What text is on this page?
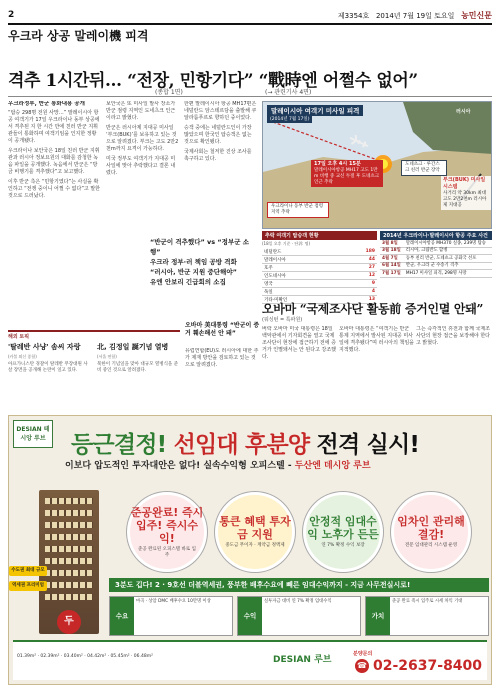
2	제3354호 2014년 7월 19일 토요일 농민신문
우크라 상공 말레이機 피격
격추 1시간뒤… “전장, 민항기다” “戰時엔 어쩔수 없어”
(종합 1면)	(→ 관련기사 4면)
우크라정부, 반군 통화내용 공개

“탑승 298명 전원 사망…” 말레이시아 항공 여객기가 17일 우크라이나 동부 상공에서 격추된 지 한 시간 만에 친러 반군 지휘관들이 통화하며 여객기임을 인지한 정황이 공개됐다.

우크라이나 보안국은 18일 친러 반군 지휘관과 러시아 정보요원의 대화를 감청한 녹음 파일을 공개했다. 녹음에서 반군은 “방금 비행기를 격추했다”고 보고했다.

이후 반군 측은 “민항기였다”는 사실을 확인하고 “전쟁 중이니 어쩔 수 없다”고 말한 것으로 드러났다.

보안국은 또 미사일 발사 장소가 반군 점령 지역인 도네츠크 인근이라고 밝혔다.

반군은 러시아제 지대공 미사일 ‘부크(BUK)’를 보유하고 있는 것으로 알려졌다. 부크는 고도 2만2천m까지 요격이 가능하다.

미국 정부도 여객기가 지대공 미사일에 맞아 추락했다고 결론 내렸다.

한편 말레이시아 항공 MH17편은 네덜란드 암스테르담을 출발해 쿠알라룸푸르로 향하던 중이었다.

승객 중에는 네덜란드인이 가장 많았으며 한국인 탑승객은 없는 것으로 확인됐다.

국제사회는 철저한 진상 조사를 촉구하고 있다.

“반군이 격추했다” vs “정부군 소행”
우크라 정부·러 책임 공방 격화
“러시아, 반군 지원 중단해야”
유엔 안보리 긴급회의 소집
말레이시아 여객기 미사일 피격
(2014년 7월 17일)
러시아
17일 오후 4시 15분
말레이시아항공 MH17 고도 1만m 비행 중 교신 두절 후 도네츠크 인근 추락
우크라이나 동부 반군 점령 지역 추락
도네츠크 · 루간스크 친러 반군 장악
부크(BUK) 미사일 시스템
사거리 약 30km 최대고도 2만2천m 러시아제 지대공
추락 여객기 탑승객 현황
(18일 오후 기준 · 단위: 명)
네덜란드	189
말레이시아	44
호주	27
인도네시아	12
영국	9
독일	4
기타·미확인	13
2014년 우크라이나·말레이시아 항공 주요 사건
3월 8일	말레이시아항공 MH370 실종, 239명 탑승
3월 18일	러시아, 크림반도 합병
4월 7일	동부 친러 반군, 도네츠크 공화국 선포
6월 14일	반군, 우크라 군 수송기 격추
7월 17일	MH17 미사일 피격, 298명 사망
오바마 “국제조사단 활동前 증거인멸 안돼”
(워싱턴 = 특파원)
오바마 美대통령 “반군이 증거 훼손해선 안 돼”
버락 오바마 미국 대통령은 18일 백악관에서 기자회견을 열고 국제조사단이 현장에 접근하기 전에 증거가 인멸돼서는 안 된다고 강조했다.
오바마 대통령은 “여객기는 반군 통제 지역에서 발사된 지대공 미사일에 격추됐다”며 러시아의 책임을 지적했다.
그는 즉각적인 휴전과 함께 국제조사단의 현장 접근을 보장해야 한다고 밝혔다.
유럽연합(EU)도 러시아에 대한 추가 제재 방안을 검토하고 있는 것으로 알려졌다.
해외 토픽
'탈레반 사냥' 솜씨 자랑
(카불 외신 종합)
아프가니스탄 경찰이 탈레반 무장대원 사살 장면을 공개해 논란이 일고 있다.
北, 김정일 誕기념 열병
(서울 연합)
북한이 기념일을 맞아 대규모 열병식을 준비 중인 것으로 알려졌다.
DESIAN 테시앙 루브	등근결정! 선임대 후분양 전격 실시!
이보다 압도적인 투자대안은 없다! 실속수익형 오피스텔 - 두산엔 데시앙 루브
두
수도권 최대 규모
역세권 프리미엄
준공완료! 즉시입주! 즉시수익!
준공 완료된 오피스텔 바로 입주
통큰 혜택 투자금 지원
중도금 무이자 · 계약금 정액제
안정적 임대수익 노후가 든든
연 7% 확정 수익 보장
임차인 관리해결감!
전문 임대관리 시스템 운영
3분도 깁다! 2 · 9호선 더블역세권, 풍부한 배후수요에 빼른 임대수익까지 - 지금 사무전실시로!
수요
마곡 · 상암 DMC 배후수요 10만명 이상
수익
실투자금 대비 연 7% 확정 임대수익
가치
준공 완료 즉시 입주로 시세 차익 기대
01.39m² · 02.39m² · 03.40m² · 04.42m² · 05.45m² · 06.48m²	DESIAN 루브
분양문의
☎ 02-2637-8400
